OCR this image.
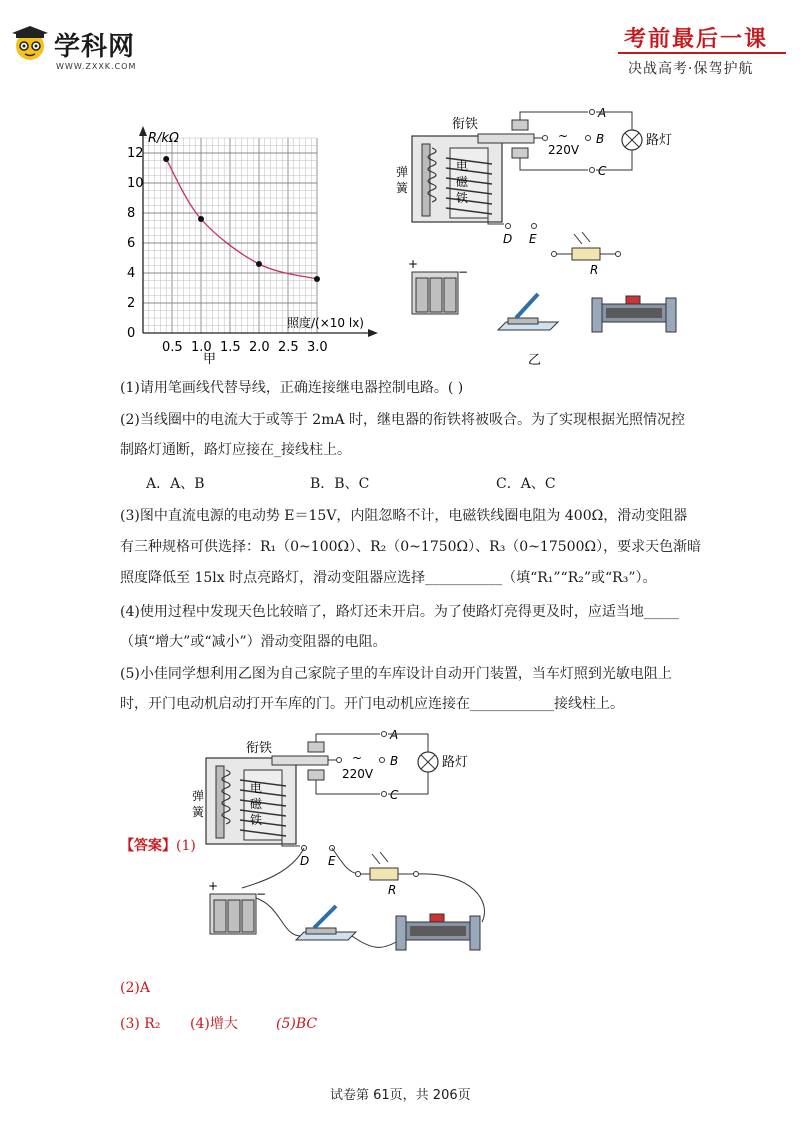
学科网
WWW.ZXXK.COM
考前最后一课
决战高考·保驾护航
R/kΩ
照度/(×10 lx)
0
2
4
6
8
10
12
0.5 1.0 1.5 2.0 2.5 3.0
甲
弹
簧
电
磁
铁
衔铁
A
~
220V
B
C
路灯
D E
R
+
−
乙
(1)请用笔画线代替导线，正确连接继电器控制电路。( )
(2)当线圈中的电流大于或等于 2mA 时，继电器的衔铁将被吸合。为了实现根据光照情况控
制路灯通断，路灯应接在_接线柱上。
A．A、B	B．B、C	C．A、C
(3)图中直流电源的电动势 E＝15V，内阻忽略不计，电磁铁线圈电阻为 400Ω，滑动变阻器
有三种规格可供选择：R₁（0~100Ω）、R₂（0~1750Ω）、R₃（0~17500Ω），要求天色渐暗
照度降低至 15lx 时点亮路灯，滑动变阻器应选择___________（填“R₁”“R₂”或“R₃”）。
(4)使用过程中发现天色比较暗了，路灯还未开启。为了使路灯亮得更及时，应适当地_____
（填“增大”或“减小”）滑动变阻器的电阻。
(5)小佳同学想利用乙图为自己家院子里的车库设计自动开门装置，当车灯照到光敏电阻上
时，开门电动机启动打开车库的门。开门电动机应连接在____________接线柱上。
【答案】(1)
弹
簧
电
磁
铁
衔铁
A
~
220V
B
C
路灯
D E
R
+
−
(2)A
(3) R₂ (4)增大	(5)BC
试卷第 61页，共 206页
